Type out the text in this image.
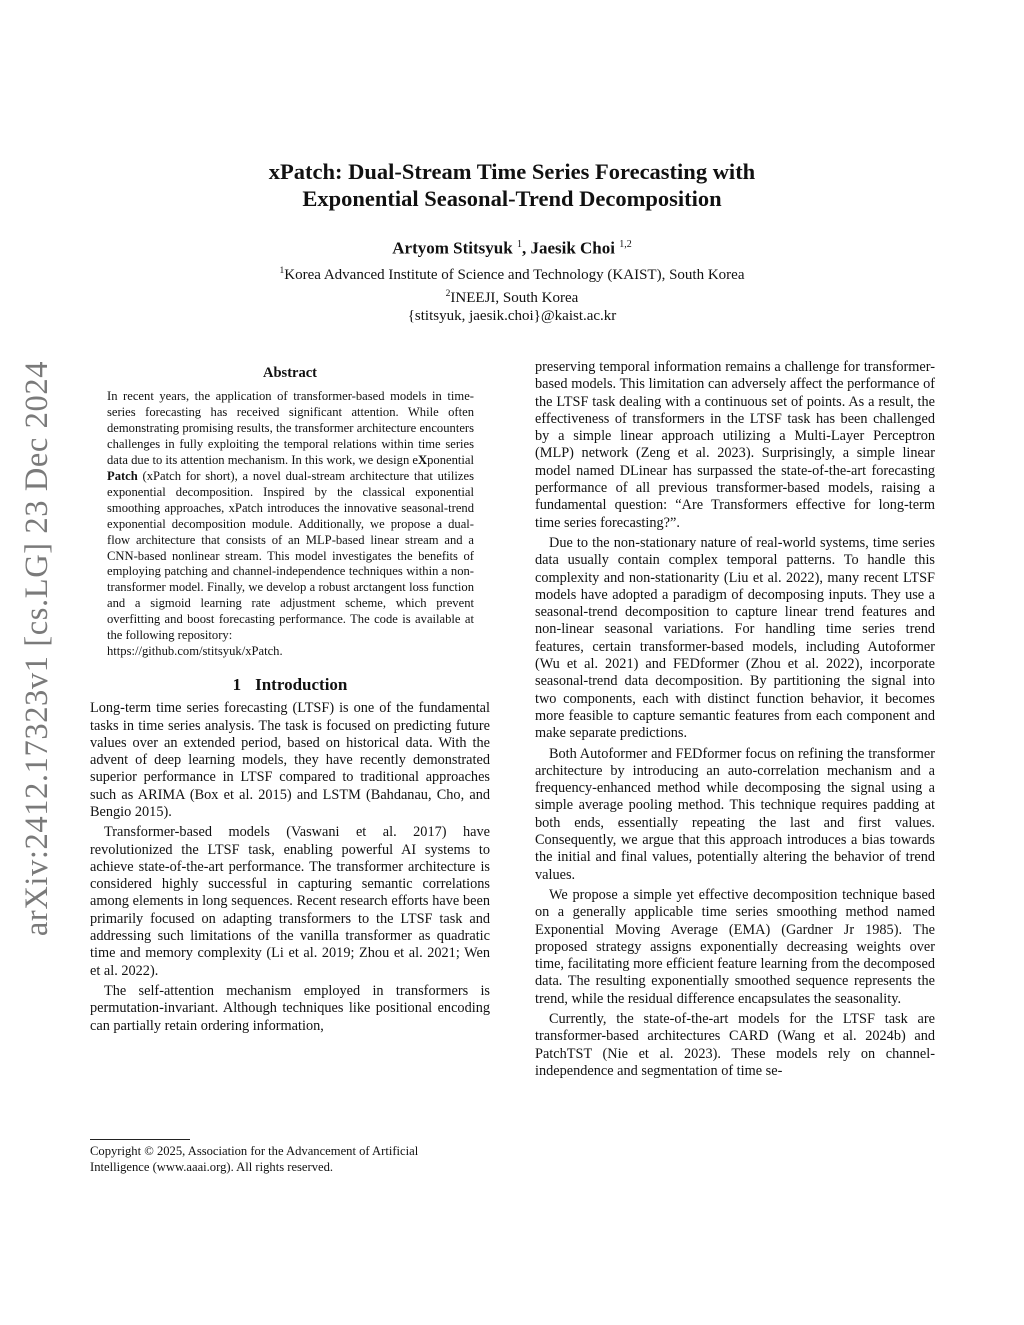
arXiv:2412.17323v1 [cs.LG] 23 Dec 2024
xPatch: Dual-Stream Time Series Forecasting with
Exponential Seasonal-Trend Decomposition
Artyom Stitsyuk $^1$, Jaesik Choi $^{1,2}$
$^1$Korea Advanced Institute of Science and Technology (KAIST), South Korea
$^2$INEEJI, South Korea
{stitsyuk, jaesik.choi}@kaist.ac.kr
Abstract
In recent years, the application of transformer-based models in time-series forecasting has received significant attention. While often demonstrating promising results, the transformer architecture encounters challenges in fully exploiting the temporal relations within time series data due to its attention mechanism. In this work, we design eXponential Patch (xPatch for short), a novel dual-stream architecture that utilizes exponential decomposition. Inspired by the classical exponential smoothing approaches, xPatch introduces the innovative seasonal-trend exponential decomposition module. Additionally, we propose a dual-flow architecture that consists of an MLP-based linear stream and a CNN-based nonlinear stream. This model investigates the benefits of employing patching and channel-independence techniques within a non-transformer model. Finally, we develop a robust arctangent loss function and a sigmoid learning rate adjustment scheme, which prevent overfitting and boost forecasting performance. The code is available at the following repository:
https://github.com/stitsyuk/xPatch.
1 Introduction

Long-term time series forecasting (LTSF) is one of the fundamental tasks in time series analysis. The task is focused on predicting future values over an extended period, based on historical data. With the advent of deep learning models, they have recently demonstrated superior performance in LTSF compared to traditional approaches such as ARIMA (Box et al. 2015) and LSTM (Bahdanau, Cho, and Bengio 2015).

Transformer-based models (Vaswani et al. 2017) have revolutionized the LTSF task, enabling powerful AI systems to achieve state-of-the-art performance. The transformer architecture is considered highly successful in capturing semantic correlations among elements in long sequences. Recent research efforts have been primarily focused on adapting transformers to the LTSF task and addressing such limitations of the vanilla transformer as quadratic time and memory complexity (Li et al. 2019; Zhou et al. 2021; Wen et al. 2022).

The self-attention mechanism employed in transformers is permutation-invariant. Although techniques like positional encoding can partially retain ordering information,

preserving temporal information remains a challenge for transformer-based models. This limitation can adversely affect the performance of the LTSF task dealing with a continuous set of points. As a result, the effectiveness of transformers in the LTSF task has been challenged by a simple linear approach utilizing a Multi-Layer Perceptron (MLP) network (Zeng et al. 2023). Surprisingly, a simple linear model named DLinear has surpassed the state-of-the-art forecasting performance of all previous transformer-based models, raising a fundamental question: “Are Transformers effective for long-term time series forecasting?”.

Due to the non-stationary nature of real-world systems, time series data usually contain complex temporal patterns. To handle this complexity and non-stationarity (Liu et al. 2022), many recent LTSF models have adopted a paradigm of decomposing inputs. They use a seasonal-trend decomposition to capture linear trend features and non-linear seasonal variations. For handling time series trend features, certain transformer-based models, including Autoformer (Wu et al. 2021) and FEDformer (Zhou et al. 2022), incorporate seasonal-trend data decomposition. By partitioning the signal into two components, each with distinct function behavior, it becomes more feasible to capture semantic features from each component and make separate predictions.

Both Autoformer and FEDformer focus on refining the transformer architecture by introducing an auto-correlation mechanism and a frequency-enhanced method while decomposing the signal using a simple average pooling method. This technique requires padding at both ends, essentially repeating the last and first values. Consequently, we argue that this approach introduces a bias towards the initial and final values, potentially altering the behavior of trend values.

We propose a simple yet effective decomposition technique based on a generally applicable time series smoothing method named Exponential Moving Average (EMA) (Gardner Jr 1985). The proposed strategy assigns exponentially decreasing weights over time, facilitating more efficient feature learning from the decomposed data. The resulting exponentially smoothed sequence represents the trend, while the residual difference encapsulates the seasonality.

Currently, the state-of-the-art models for the LTSF task are transformer-based architectures CARD (Wang et al. 2024b) and PatchTST (Nie et al. 2023). These models rely on channel-independence and segmentation of time se-

Copyright © 2025, Association for the Advancement of Artificial
Intelligence (www.aaai.org). All rights reserved.
